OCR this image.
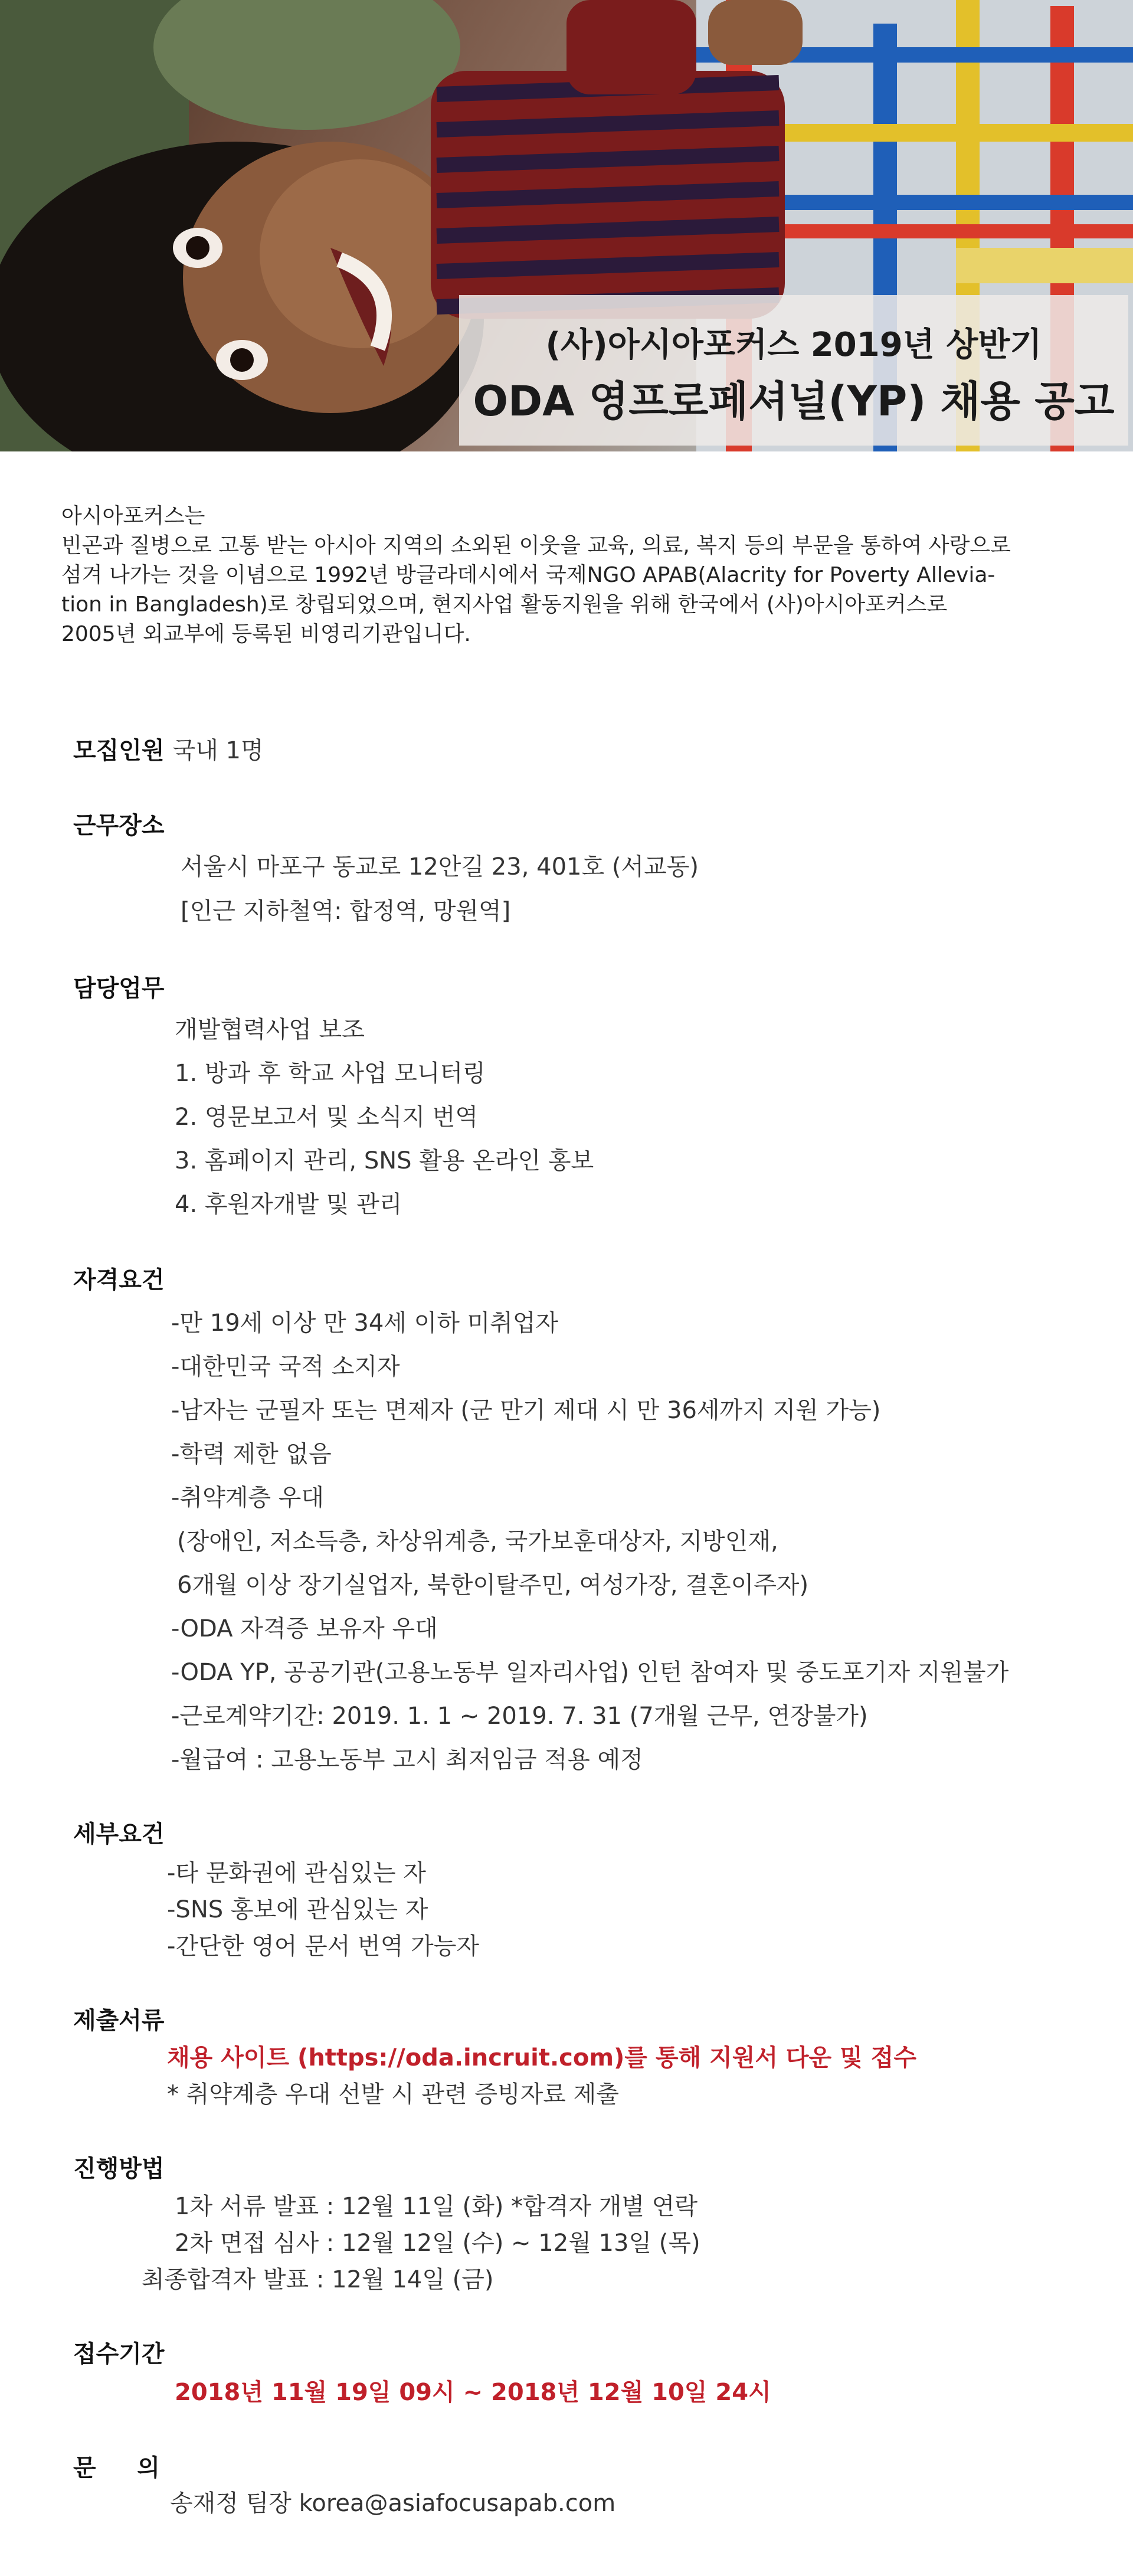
(사)아시아포커스 2019년 상반기
ODA 영프로페셔널(YP) 채용 공고

아시아포커스는

빈곤과 질병으로 고통 받는 아시아 지역의 소외된 이웃을 교육, 의료, 복지 등의 부문을 통하여 사랑으로

섬겨 나가는 것을 이념으로 1992년 방글라데시에서 국제NGO APAB(Alacrity for Poverty Allevia-

tion in Bangladesh)로 창립되었으며, 현지사업 활동지원을 위해 한국에서 (사)아시아포커스로

2005년 외교부에 등록된 비영리기관입니다.

모집인원 국내 1명
근무장소
서울시 마포구 동교로 12안길 23, 401호 (서교동)
[인근 지하철역: 합정역, 망원역]
담당업무
개발협력사업 보조
1. 방과 후 학교 사업 모니터링
2. 영문보고서 및 소식지 번역
3. 홈페이지 관리, SNS 활용 온라인 홍보
4. 후원자개발 및 관리
자격요건
-만 19세 이상 만 34세 이하 미취업자
-대한민국 국적 소지자
-남자는 군필자 또는 면제자 (군 만기 제대 시 만 36세까지 지원 가능)
-학력 제한 없음
-취약계층 우대
(장애인, 저소득층, 차상위계층, 국가보훈대상자, 지방인재,
6개월 이상 장기실업자, 북한이탈주민, 여성가장, 결혼이주자)
-ODA 자격증 보유자 우대
-ODA YP, 공공기관(고용노동부 일자리사업) 인턴 참여자 및 중도포기자 지원불가
-근로계약기간: 2019. 1. 1 ~ 2019. 7. 31 (7개월 근무, 연장불가)
-월급여 : 고용노동부 고시 최저임금 적용 예정
세부요건
-타 문화권에 관심있는 자
-SNS 홍보에 관심있는 자
-간단한 영어 문서 번역 가능자
제출서류
채용 사이트 (https://oda.incruit.com)를 통해 지원서 다운 및 접수
* 취약계층 우대 선발 시 관련 증빙자료 제출
진행방법
1차 서류 발표 : 12월 11일 (화) *합격자 개별 연락
2차 면접 심사 : 12월 12일 (수) ~ 12월 13일 (목)
최종합격자 발표 : 12월 14일 (금)
접수기간
2018년 11월 19일 09시 ~ 2018년 12월 10일 24시
문     의
송재정 팀장 korea@asiafocusapab.com
